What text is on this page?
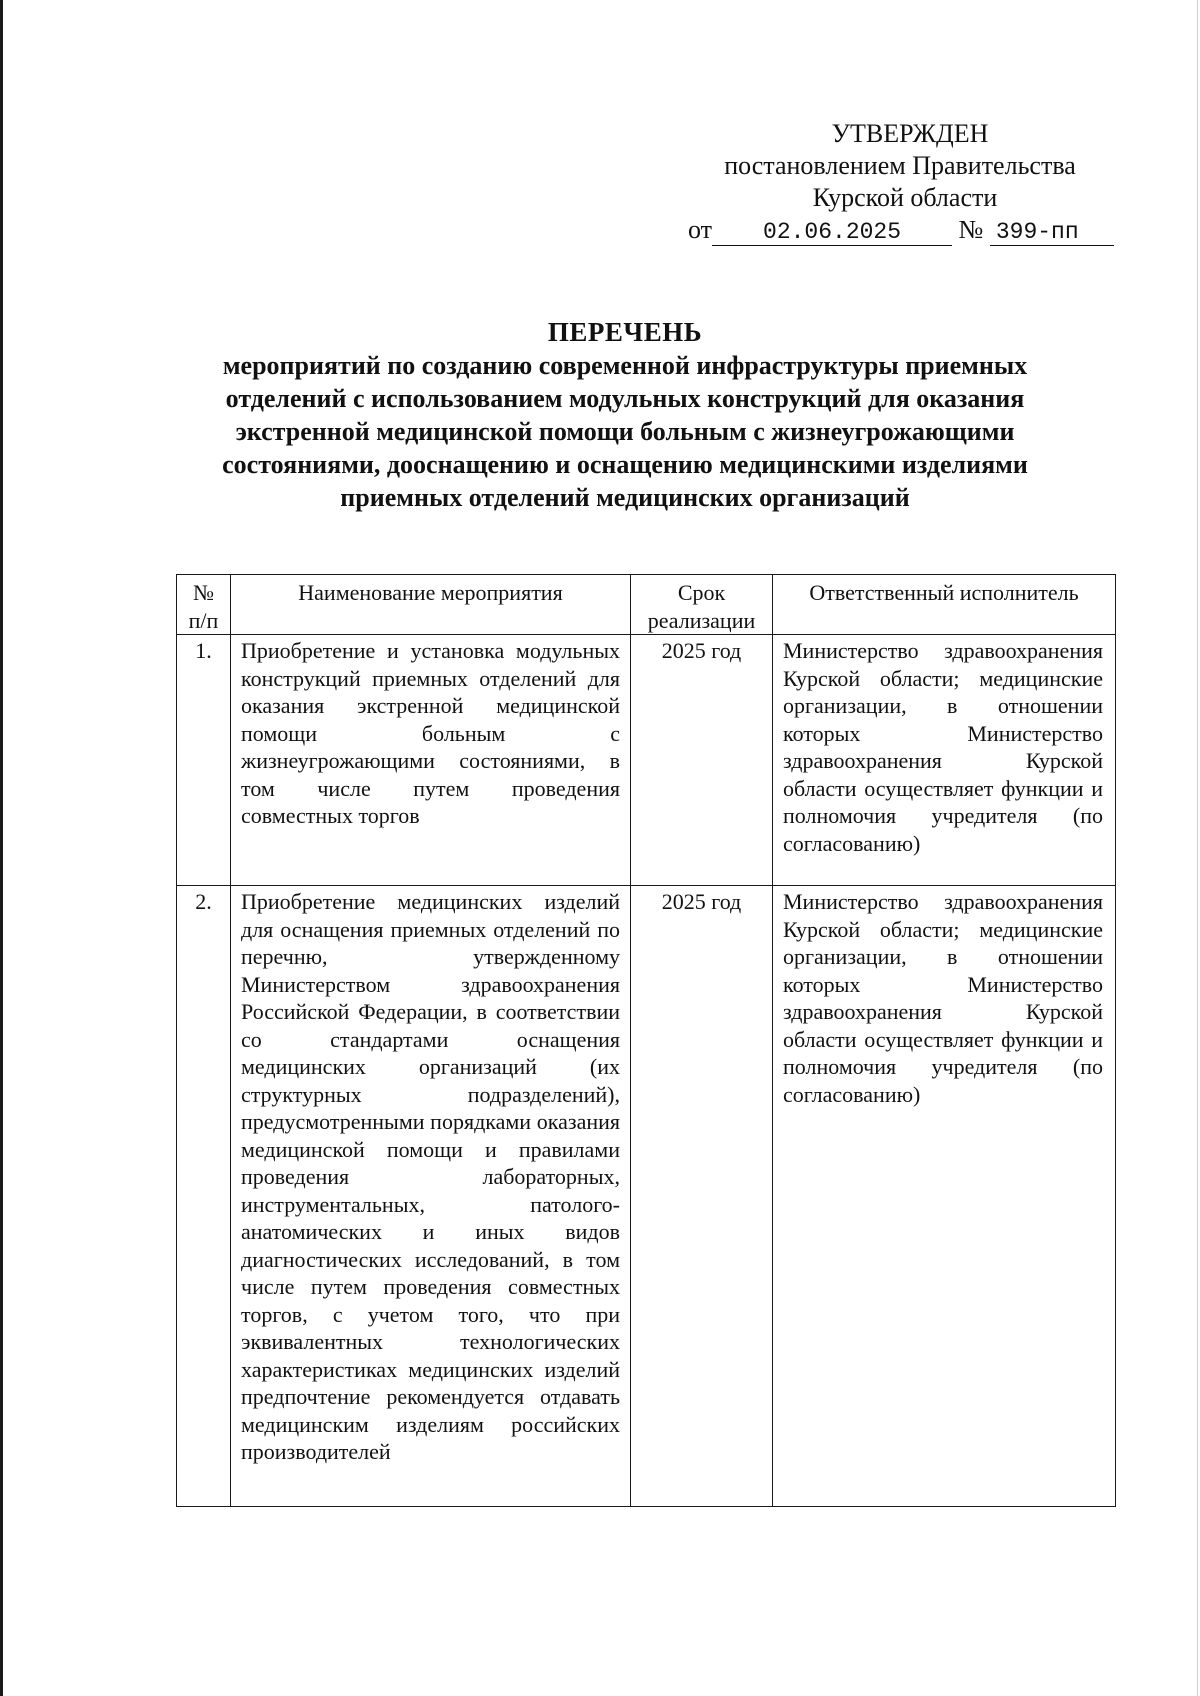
УТВЕРЖДЕН
постановлением Правительства
Курской области
от 02.06.2025 № 399-пп
ПЕРЕЧЕНЬ
мероприятий по созданию современной инфраструктуры приемных
отделений с использованием модульных конструкций для оказания
экстренной медицинской помощи больным с жизнеугрожающими
состояниями, дооснащению и оснащению медицинскими изделиями
приемных отделений медицинских организаций
№ п/п	Наименование мероприятия	Срок реализации	Ответственный исполнитель
1.	Приобретение и установка модульных конструкций приемных отделений для оказания экстренной медицинской помощи больным с жизнеугрожающими состояниями, в том числе путем проведения совместных торгов	2025 год	Министерство здравоохранения Курской области; медицинские организации, в отношении которых Министерство здравоохранения Курской области осуществляет функции и полномочия учредителя (по согласованию)
2.	Приобретение медицинских изделий для оснащения приемных отделений по перечню, утвержденному Министерством здравоохранения Российской Федерации, в соответствии со стандартами оснащения медицинских организаций (их структурных подразделений), предусмотренными порядками оказания медицинской помощи и правилами проведения лабораторных, инструментальных, патолого-анатомических и иных видов диагностических исследований, в том числе путем проведения совместных торгов, с учетом того, что при эквивалентных технологических характеристиках медицинских изделий предпочтение рекомендуется отдавать медицинским изделиям российских производителей	2025 год	Министерство здравоохранения Курской области; медицинские организации, в отношении которых Министерство здравоохранения Курской области осуществляет функции и полномочия учредителя (по согласованию)
